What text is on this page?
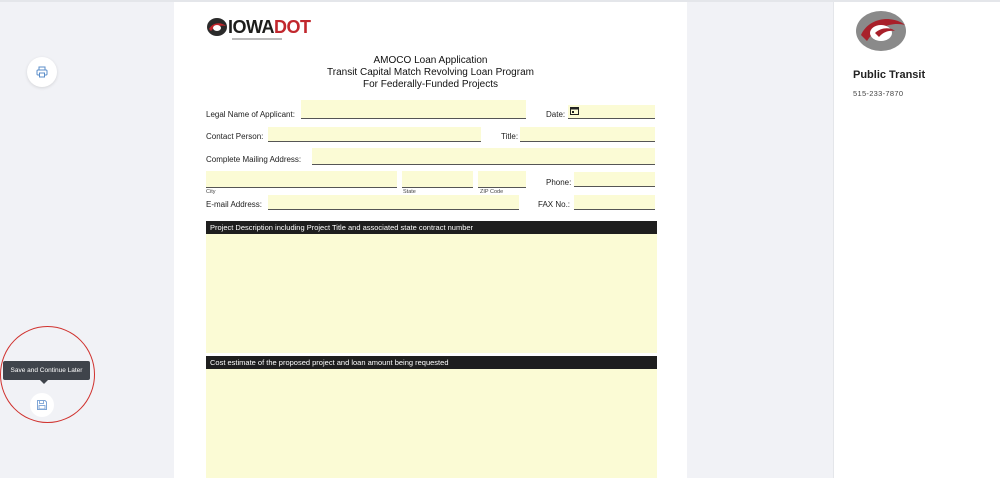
Save and Continue Later
IOWADOT
AMOCO Loan Application
Transit Capital Match Revolving Loan Program
For Federally-Funded Projects
Legal Name of Applicant:	Date:
Contact Person:	Title:
Complete Mailing Address:
City	State	ZIP Code
Phone:
E-mail Address:	FAX No.:
Project Description including Project Title and associated state contract number
Cost estimate of the proposed project and loan amount being requested
Public Transit
515-233-7870
